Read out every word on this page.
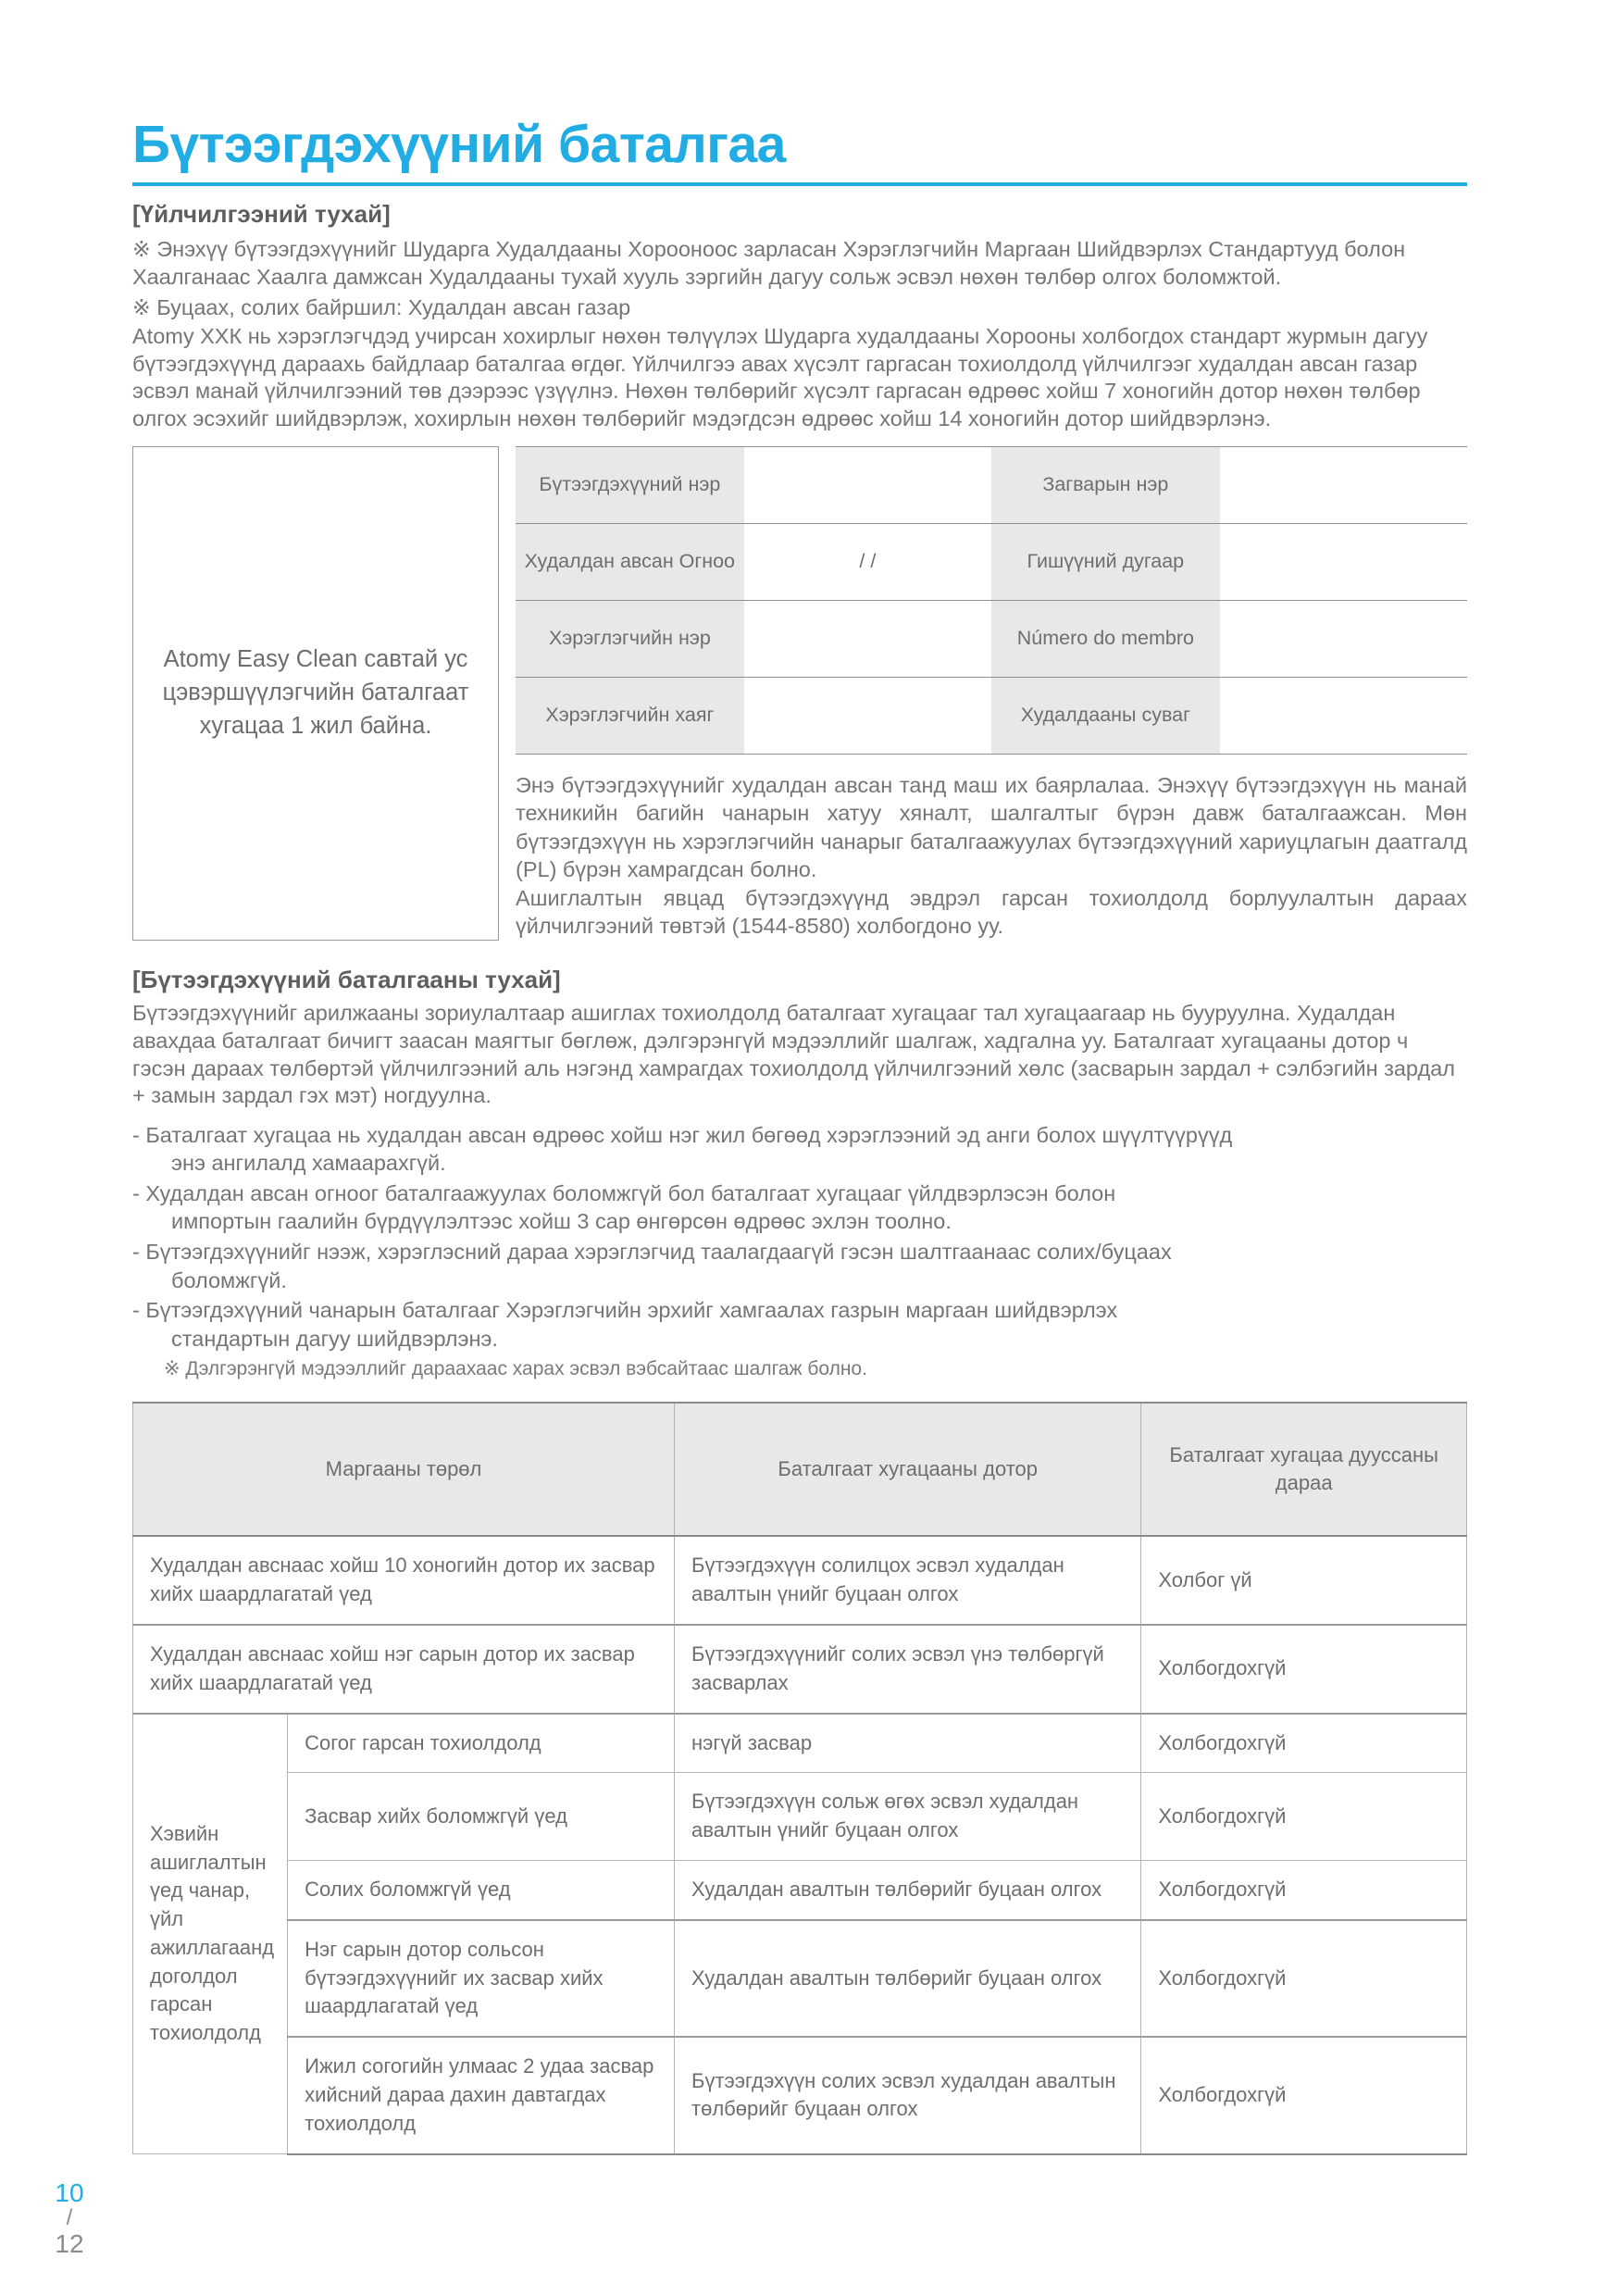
Бүтээгдэхүүний баталгаа
[Үйлчилгээний тухай]

※ Энэхүү бүтээгдэхүүнийг Шударга Худалдааны Хорооноос зарласан Хэрэглэгчийн Маргаан Шийдвэрлэх Стандартууд болон Хаалганаас Хаалга дамжсан Худалдааны тухай хууль зэргийн дагуу сольж эсвэл нөхөн төлбөр олгох боломжтой.

※ Буцаах, солих байршил: Худалдан авсан газар

Atomy ХХК нь хэрэглэгчдэд учирсан хохирлыг нөхөн төлүүлэх Шударга худалдааны Хорооны холбогдох стандарт журмын дагуу бүтээгдэхүүнд дараахь байдлаар баталгаа өгдөг. Үйлчилгээ авах хүсэлт гаргасан тохиолдолд үйлчилгээг худалдан авсан газар эсвэл манай үйлчилгээний төв дээрээс үзүүлнэ. Нөхөн төлбөрийг хүсэлт гаргасан өдрөөс хойш 7 хоногийн дотор нөхөн төлбөр олгох эсэхийг шийдвэрлэж, хохирлын нөхөн төлбөрийг мэдэгдсэн өдрөөс хойш 14 хоногийн дотор шийдвэрлэнэ.

Atomy Easy Clean савтай ус цэвэршүүлэгчийн баталгаат хугацаа 1 жил байна.
Бүтээгдэхүүний нэр		Загварын нэр	
Худалдан авсан Огноо	/ /	Гишүүний дугаар	
Хэрэглэгчийн нэр		Número do membro	
Хэрэглэгчийн хаяг		Худалдааны суваг	

Энэ бүтээгдэхүүнийг худалдан авсан танд маш их баярлалаа. Энэхүү бүтээгдэхүүн нь манай техникийн багийн чанарын хатуу хяналт, шалгалтыг бүрэн давж баталгаажсан. Мөн бүтээгдэхүүн нь хэрэглэгчийн чанарыг баталгаажуулах бүтээгдэхүүний хариуцлагын даатгалд (PL) бүрэн хамрагдсан болно.

Ашиглалтын явцад бүтээгдэхүүнд эвдрэл гарсан тохиолдолд борлуулалтын дараах үйлчилгээний төвтэй (1544-8580) холбогдоно уу.

[Бүтээгдэхүүний баталгааны тухай]

Бүтээгдэхүүнийг арилжааны зориулалтаар ашиглах тохиолдолд баталгаат хугацааг тал хугацаагаар нь бууруулна. Худалдан авахдаа баталгаат бичигт заасан маягтыг бөглөж, дэлгэрэнгүй мэдээллийг шалгаж, хадгална уу. Баталгаат хугацааны дотор ч гэсэн дараах төлбөртэй үйлчилгээний аль нэгэнд хамрагдах тохиолдолд үйлчилгээний хөлс (засварын зардал + сэлбэгийн зардал + замын зардал гэх мэт) ногдуулна.

- Баталгаат хугацаа нь худалдан авсан өдрөөс хойш нэг жил бөгөөд хэрэглээний эд анги болох шүүлтүүрүүд
энэ ангилалд хамаарахгүй.
- Худалдан авсан огноог баталгаажуулах боломжгүй бол баталгаат хугацааг үйлдвэрлэсэн болон
импортын гаалийн бүрдүүлэлтээс хойш 3 сар өнгөрсөн өдрөөс эхлэн тоолно.
- Бүтээгдэхүүнийг нээж, хэрэглэсний дараа хэрэглэгчид таалагдаагүй гэсэн шалтгаанаас солих/буцаах
боломжгүй.
- Бүтээгдэхүүний чанарын баталгааг Хэрэглэгчийн эрхийг хамгаалах газрын маргаан шийдвэрлэх
стандартын дагуу шийдвэрлэнэ.

※ Дэлгэрэнгүй мэдээллийг дараахаас харах эсвэл вэбсайтаас шалгаж болно.

Маргааны төрөл		Баталгаат хугацааны дотор	Баталгаат хугацаа дууссаны дараа
Худалдан авснаас хойш 10 хоногийн дотор их засвар хийх шаардлагатай үед		Бүтээгдэхүүн солилцох эсвэл худалдан авалтын үнийг буцаан олгох	Холбог үй
Худалдан авснаас хойш нэг сарын дотор их засвар хийх шаардлагатай үед		Бүтээгдэхүүнийг солих эсвэл үнэ төлбөргүй засварлах	Холбогдохгүй
Хэвийн ашиглалтын үед чанар, үйл ажиллагаанд доголдол гарсан тохиолдолд	Согог гарсан тохиолдолд	нэгүй засвар	Холбогдохгүй
	Засвар хийх боломжгүй үед	Бүтээгдэхүүн сольж өгөх эсвэл худалдан авалтын үнийг буцаан олгох	Холбогдохгүй
	Солих боломжгүй үед	Худалдан авалтын төлбөрийг буцаан олгох	Холбогдохгүй
	Нэг сарын дотор сольсон бүтээгдэхүүнийг их засвар хийх шаардлагатай үед	Худалдан авалтын төлбөрийг буцаан олгох	Холбогдохгүй
	Ижил согогийн улмаас 2 удаа засвар хийсний дараа дахин давтагдах тохиолдолд	Бүтээгдэхүүн солих эсвэл худалдан авалтын төлбөрийг буцаан олгох	Холбогдохгүй
10
/
12
